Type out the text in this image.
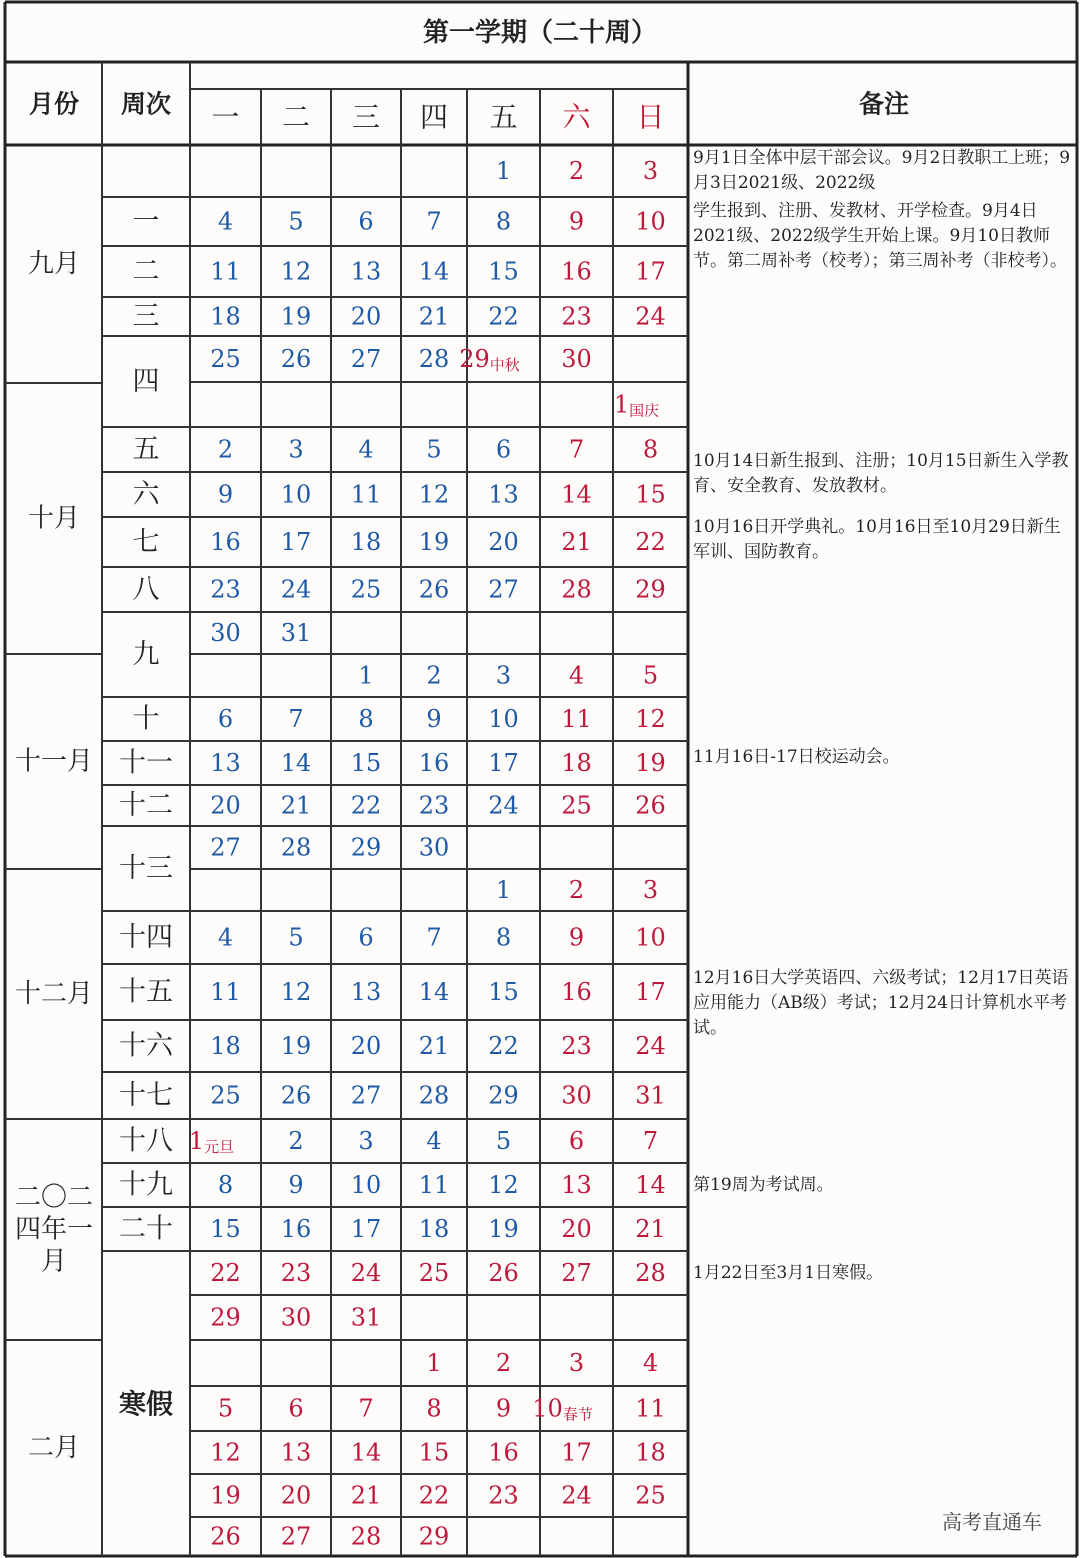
第一学期（二十周）
月份 周次	备注
一 二 三 四 五 六 日
九月
十月
十一月
十二月
二〇二四年一月
二月
一
二
三
四
五
六
七
八
九
十
十一
十二
十三
十四
十五
十六
十七
十八
十九
二十
寒假
1 2 3
4 5 6 7 8 9 10
11 12 13 14 15 16 17
18 19 20 21 22 23 24
25 26 27 28 $29_{中秋}$ 30
$1_{国庆}$
2 3 4 5 6 7 8
9 10 11 12 13 14 15
16 17 18 19 20 21 22
23 24 25 26 27 28 29
30 31
1 2 3 4 5
6 7 8 9 10 11 12
13 14 15 16 17 18 19
20 21 22 23 24 25 26
27 28 29 30
1 2 3
4 5 6 7 8 9 10
11 12 13 14 15 16 17
18 19 20 21 22 23 24
25 26 27 28 29 30 31
$1_{元旦}$ 2 3 4 5 6 7
8 9 10 11 12 13 14
15 16 17 18 19 20 21
22 23 24 25 26 27 28
29 30 31
1 2 3 4
5 6 7 8 9 $10_{春节}$ 11
12 13 14 15 16 17 18
19 20 21 22 23 24 25
26 27 28 29

9月1日全体中层干部会议。9月2日教职工上班；9月3日2021级、2022级

学生报到、注册、发教材、开学检查。9月4日2021级、2022级学生开始上课。9月10日教师节。第二周补考（校考）；第三周补考（非校考）。

10月14日新生报到、注册；10月15日新生入学教育、安全教育、发放教材。

10月16日开学典礼。10月16日至10月29日新生军训、国防教育。

11月16日-17日校运动会。

12月16日大学英语四、六级考试；12月17日英语应用能力（AB级）考试；12月24日计算机水平考试。

第19周为考试周。

1月22日至3月1日寒假。

高考直通车
